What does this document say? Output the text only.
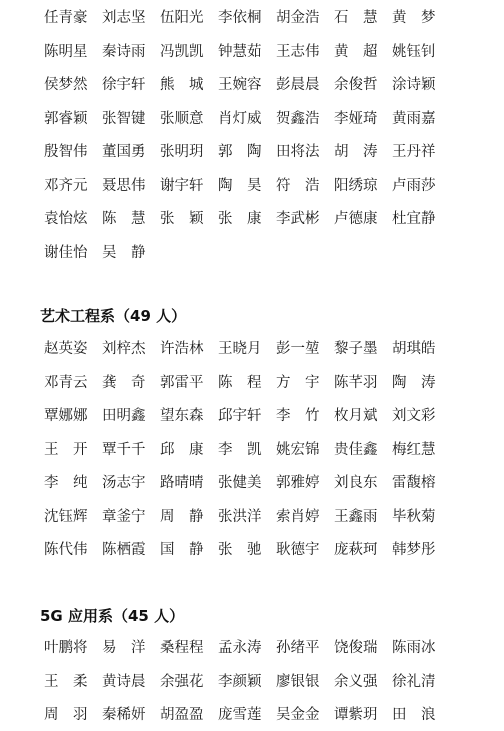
任青豪	刘志坚	伍阳光	李依桐	胡金浩	石　慧	黄　梦
陈明星	秦诗雨	冯凯凯	钟慧茹	王志伟	黄　超	姚钰钊
侯梦然	徐宇轩	熊　城	王婉容	彭晨晨	余俊哲	涂诗颖
郭睿颖	张智键	张顺意	肖灯威	贺鑫浩	李娅琦	黄雨嘉
殷智伟	董国勇	张明玥	郭　陶	田将法	胡　涛	王丹祥
邓齐元	聂思伟	谢宇轩	陶　昊	符　浩	阳绣琼	卢雨莎
袁怡炫	陈　慧	张　颖	张　康	李武彬	卢德康	杜宜静
谢佳怡	吴　静
艺术工程系（49 人）
赵英姿	刘梓杰	许浩林	王晓月	彭一堃	黎子墨	胡琪皓
邓青云	龚　奇	郭雷平	陈　程	方　宇	陈芊羽	陶　涛
覃娜娜	田明鑫	望东森	邱宇轩	李　竹	枚月斌	刘文彩
王　开	覃千千	邱　康	李　凯	姚宏锦	贵佳鑫	梅红慧
李　纯	汤志宇	路晴晴	张健美	郭雅婷	刘良东	雷馥榕
沈钰辉	章釜宁	周　静	张洪洋	索肖婷	王鑫雨	毕秋菊
陈代伟	陈栖霞	国　静	张　驰	耿德宇	庞萩珂	韩梦彤
5G 应用系（45 人）
叶鹏将	易　洋	桑程程	孟永涛	孙绪平	饶俊瑞	陈雨冰
王　柔	黄诗晨	余强花	李颜颖	廖银银	余义强	徐礼清
周　羽	秦稀妍	胡盈盈	庞雪莲	吴金金	谭紫玥	田　浪
